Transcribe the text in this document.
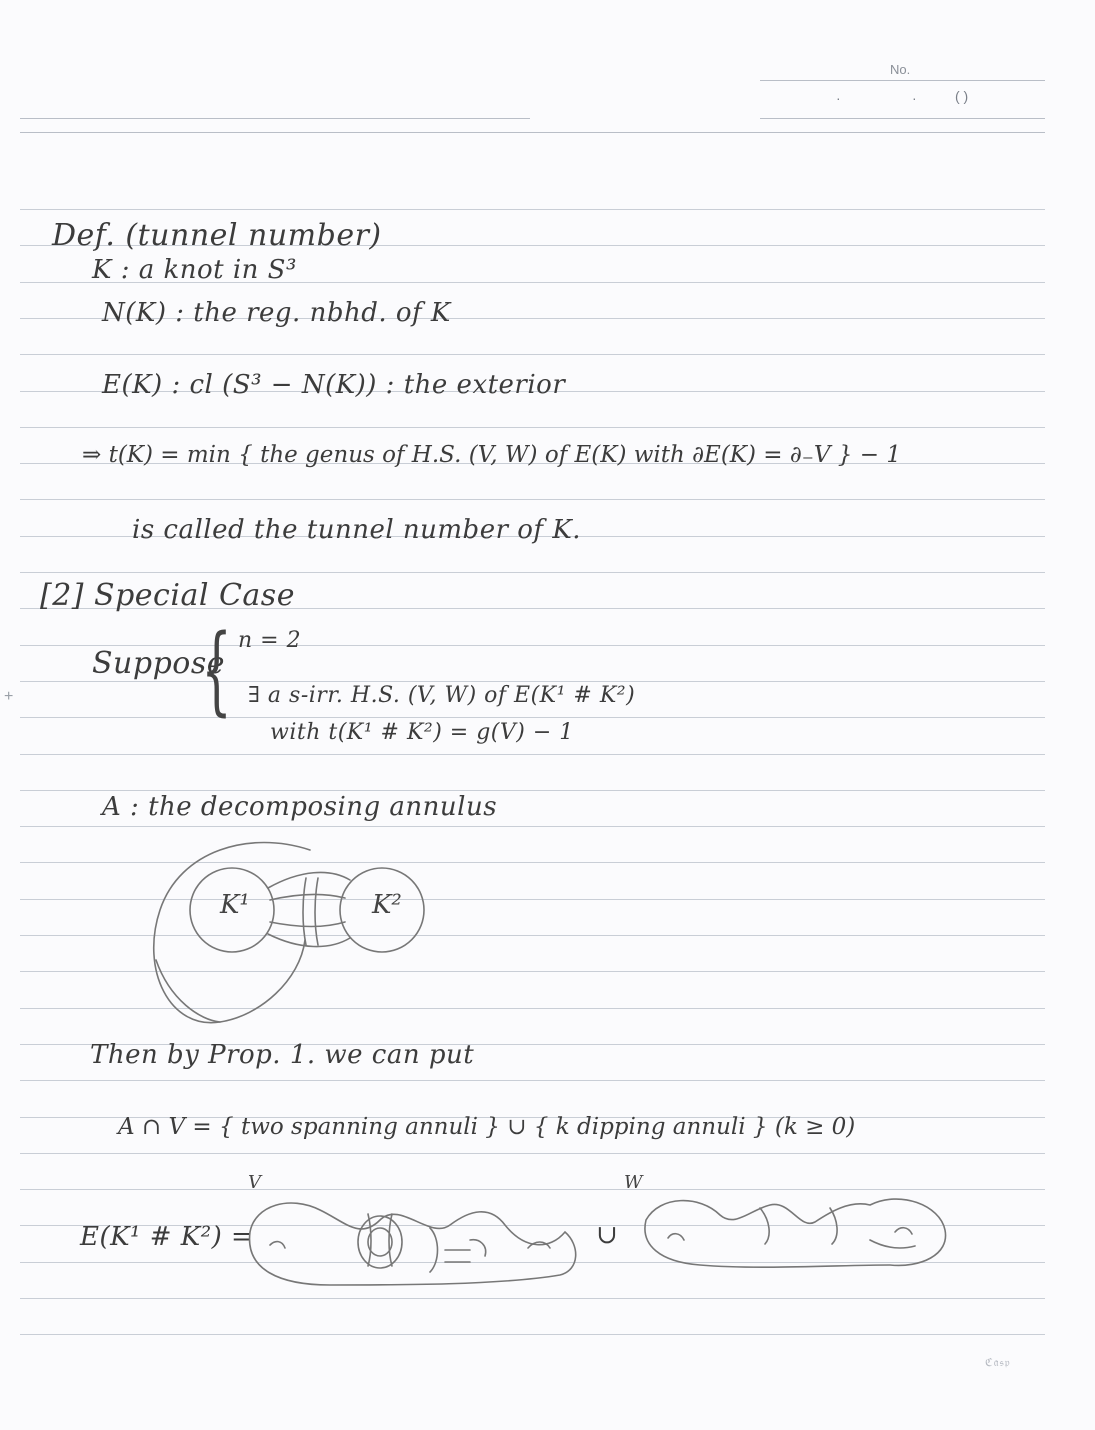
No.
·	·	( )
+
Def. (tunnel number)
K : a knot in S³
N(K) : the reg. nbhd. of K
E(K) : cl (S³ − N(K)) : the exterior
⇒ t(K) = min { the genus of H.S. (V, W) of E(K) with ∂E(K) = ∂₋V } − 1
is called the tunnel number of K.
[2] Special Case
Suppose
{ n = 2
∃ a s-irr. H.S. (V, W) of E(K¹ # K²)
with t(K¹ # K²) = g(V) − 1
A : the decomposing annulus
K¹	K²
Then by Prop. 1. we can put
A ∩ V = { two spanning annuli } ∪ { k dipping annuli } (k ≥ 0)
V	W
E(K¹ # K²) =	∪
ℭ𝔞𝔰𝔭
